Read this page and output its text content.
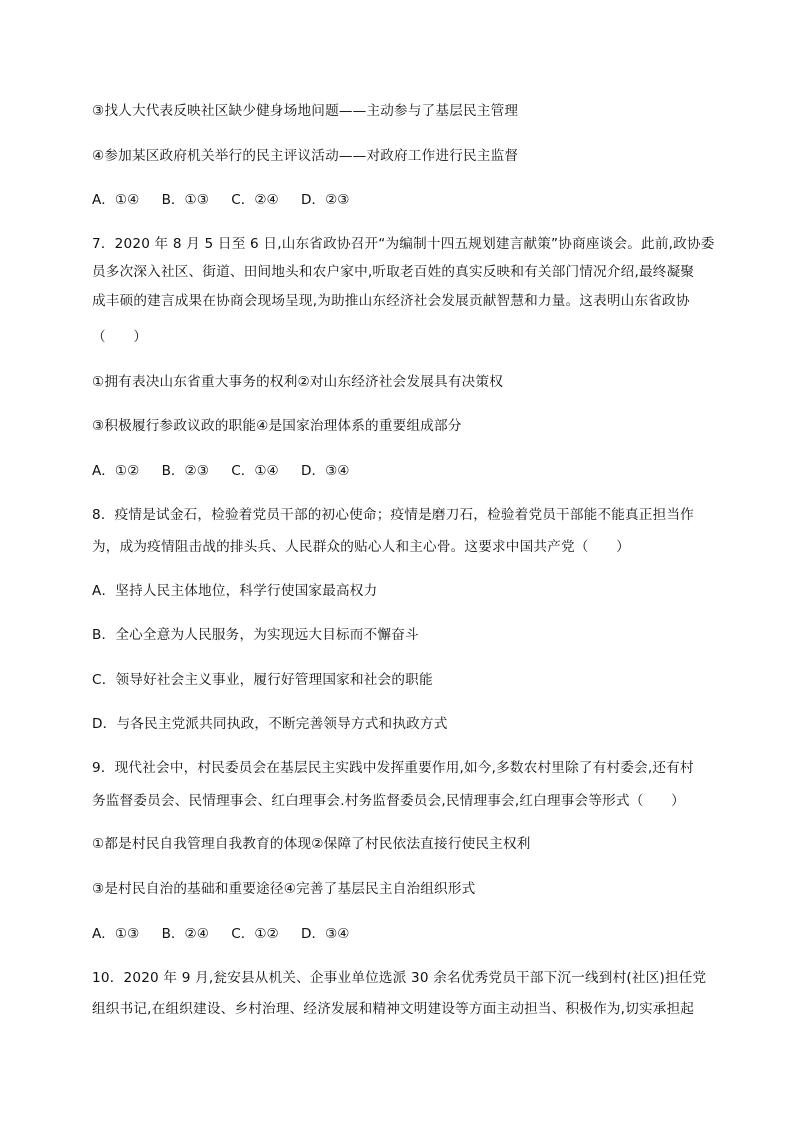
③找人大代表反映社区缺少健身场地问题——主动参与了基层民主管理
④参加某区政府机关举行的民主评议活动——对政府工作进行民主监督
A．①④ B．①③ C．②④ D．②③
7．2020 年 8 月 5 日至 6 日,山东省政协召开“为编制十四五规划建言献策”协商座谈会。此前,政协委
员多次深入社区、街道、田间地头和农户家中,听取老百姓的真实反映和有关部门情况介绍,最终凝聚
成丰硕的建言成果在协商会现场呈现,为助推山东经济社会发展贡献智慧和力量。这表明山东省政协
（　　）
①拥有表决山东省重大事务的权利②对山东经济社会发展具有决策权
③积极履行参政议政的职能④是国家治理体系的重要组成部分
A．①② B．②③ C．①④ D．③④
8．疫情是试金石，检验着党员干部的初心使命；疫情是磨刀石，检验着党员干部能不能真正担当作
为，成为疫情阻击战的排头兵、人民群众的贴心人和主心骨。这要求中国共产党（　　）
A．坚持人民主体地位，科学行使国家最高权力
B．全心全意为人民服务，为实现远大目标而不懈奋斗
C．领导好社会主义事业，履行好管理国家和社会的职能
D．与各民主党派共同执政，不断完善领导方式和执政方式
9．现代社会中，村民委员会在基层民主实践中发挥重要作用,如今,多数农村里除了有村委会,还有村
务监督委员会、民情理事会、红白理事会.村务监督委员会,民情理事会,红白理事会等形式（　　）
①都是村民自我管理自我教育的体现②保障了村民依法直接行使民主权利
③是村民自治的基础和重要途径④完善了基层民主自治组织形式
A．①③ B．②④ C．①② D．③④
10．2020 年 9 月,瓮安县从机关、企事业单位选派 30 余名优秀党员干部下沉一线到村(社区)担任党
组织书记,在组织建设、乡村治理、经济发展和精神文明建设等方面主动担当、积极作为,切实承担起
